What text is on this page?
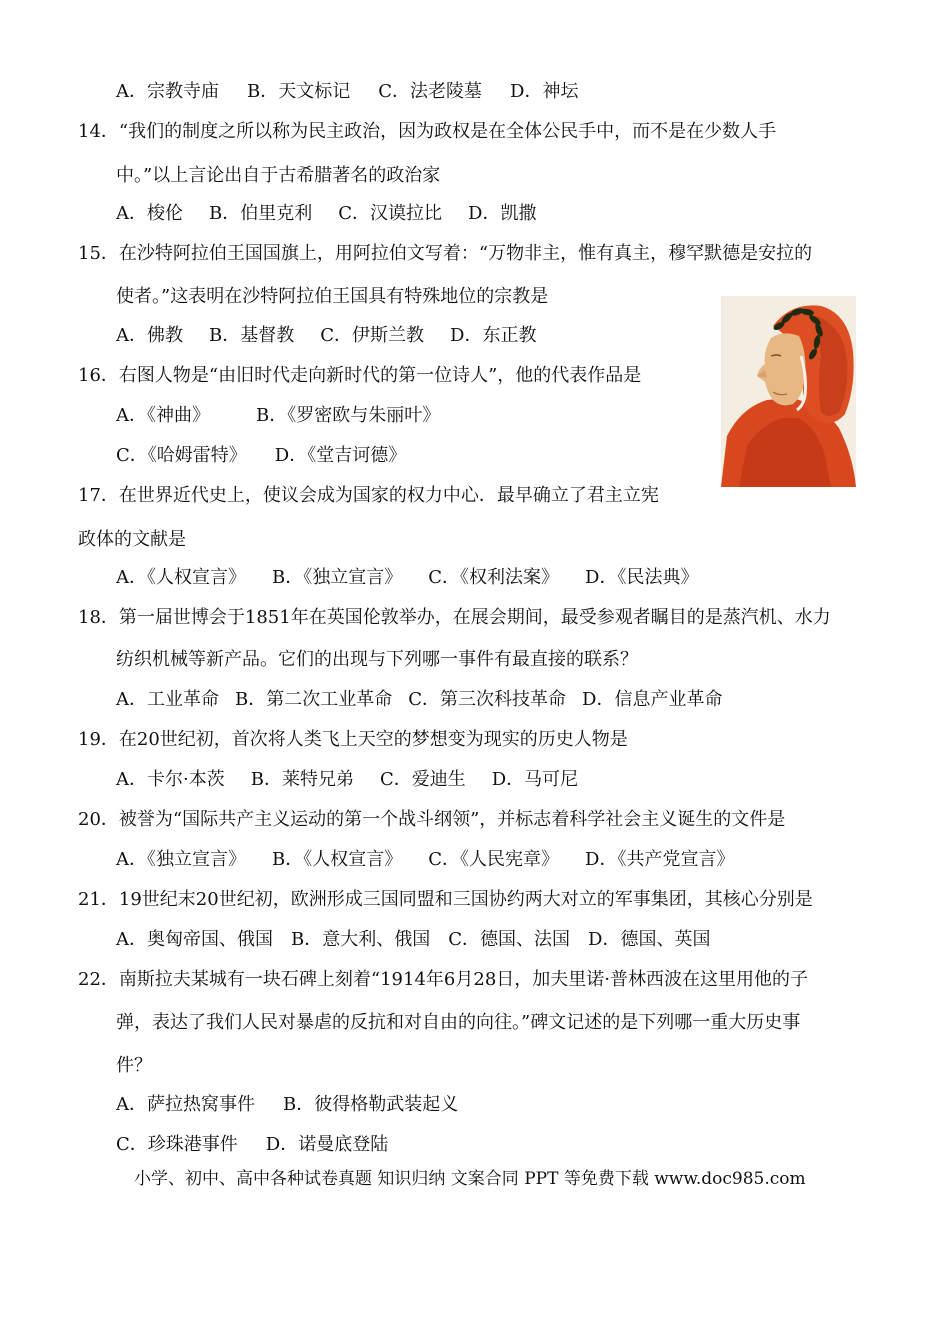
A．宗教寺庙 B．天文标记 C．法老陵墓 D．神坛
14．“我们的制度之所以称为民主政治，因为政权是在全体公民手中，而不是在少数人手
中。”以上言论出自于古希腊著名的政治家
A．梭伦 B．伯里克利 C．汉谟拉比 D．凯撒
15．在沙特阿拉伯王国国旗上，用阿拉伯文写着：“万物非主，惟有真主，穆罕默德是安拉的
使者。”这表明在沙特阿拉伯王国具有特殊地位的宗教是
A．佛教 B．基督教 C．伊斯兰教 D．东正教
16．右图人物是“由旧时代走向新时代的第一位诗人”，他的代表作品是
A．《神曲》	B．《罗密欧与朱丽叶》
C．《哈姆雷特》 D．《堂吉诃德》
17．在世界近代史上，使议会成为国家的权力中心．最早确立了君主立宪
政体的文献是
A．《人权宣言》 B．《独立宣言》 C．《权利法案》 D．《民法典》
18．第一届世博会于1851年在英国伦敦举办，在展会期间，最受参观者瞩目的是蒸汽机、水力
纺织机械等新产品。它们的出现与下列哪一事件有最直接的联系？
A．工业革命 B．第二次工业革命 C．第三次科技革命 D．信息产业革命
19．在20世纪初，首次将人类飞上天空的梦想变为现实的历史人物是
A．卡尔·本茨 B．莱特兄弟 C．爱迪生 D．马可尼
20．被誉为“国际共产主义运动的第一个战斗纲领”，并标志着科学社会主义诞生的文件是
A．《独立宣言》 B．《人权宣言》 C．《人民宪章》 D．《共产党宣言》
21．19世纪末20世纪初，欧洲形成三国同盟和三国协约两大对立的军事集团，其核心分别是
A．奥匈帝国、俄国 B．意大利、俄国 C．德国、法国 D．德国、英国
22．南斯拉夫某城有一块石碑上刻着“1914年6月28日，加夫里诺·普林西波在这里用他的子
弹，表达了我们人民对暴虐的反抗和对自由的向往。”碑文记述的是下列哪一重大历史事
件？
A．萨拉热窝事件 B．彼得格勒武装起义
C．珍珠港事件 D．诺曼底登陆
小学、初中、高中各种试卷真题 知识归纳 文案合同 PPT 等免费下载 www.doc985.com
